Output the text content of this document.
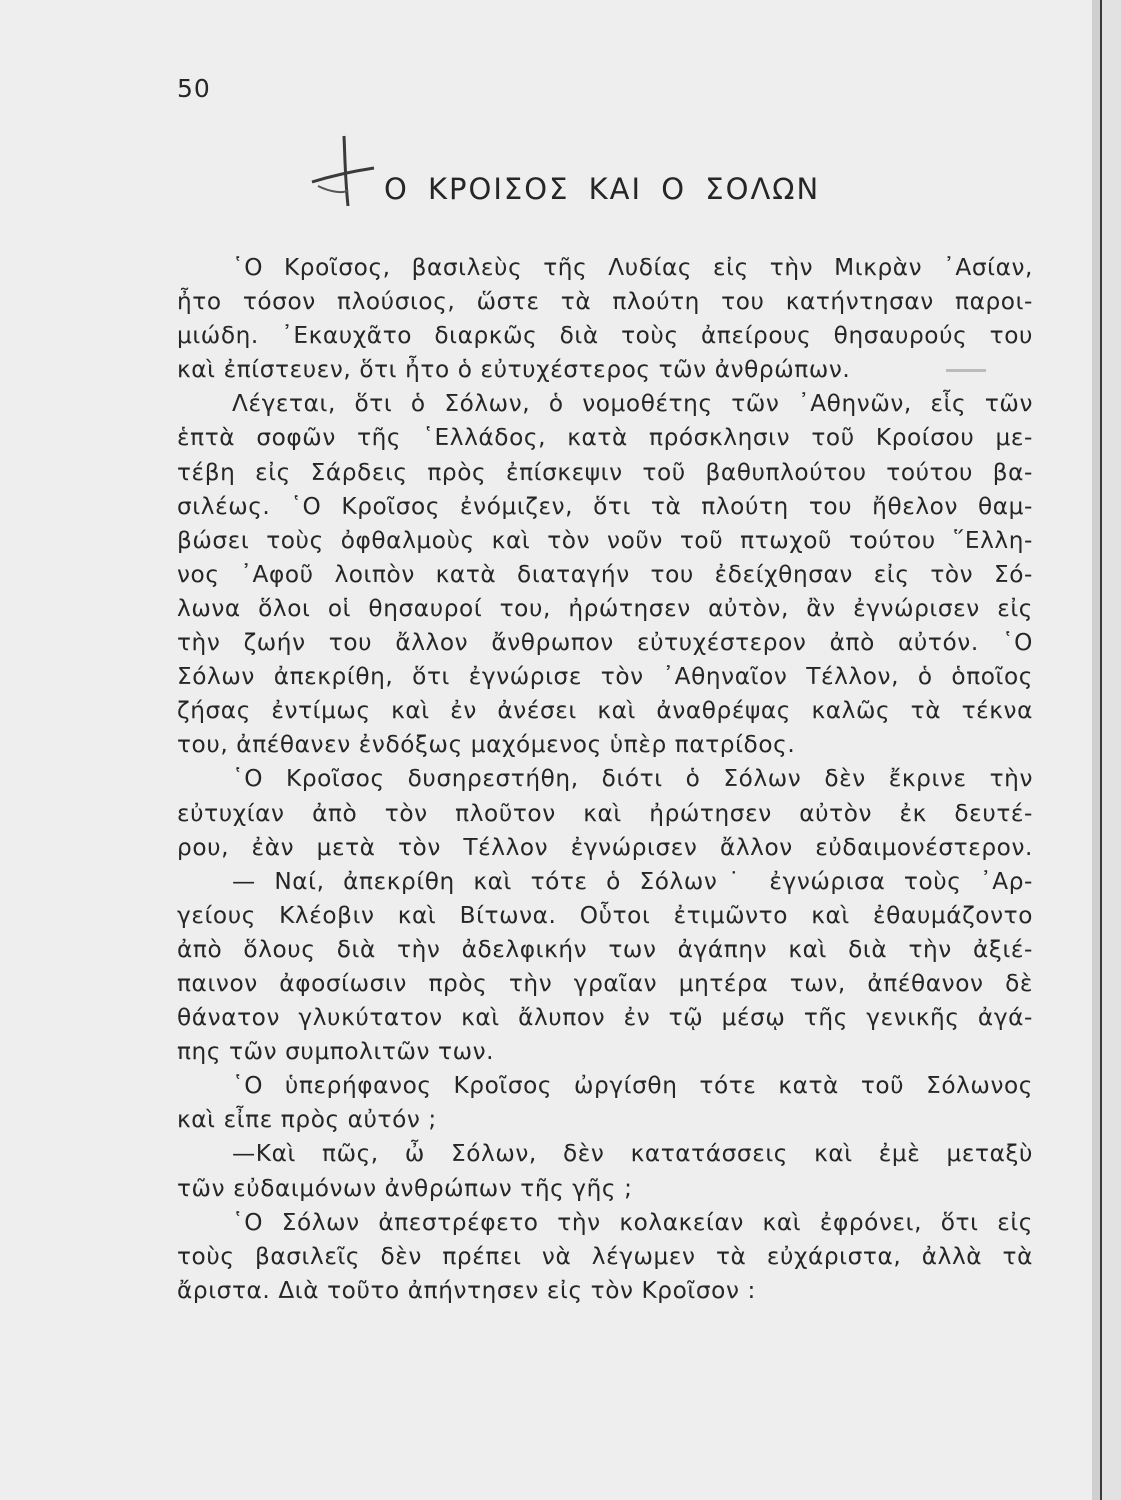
50
Ο ΚΡΟΙΣΟΣ ΚΑΙ Ο ΣΟΛΩΝ
῾Ο Κροῖσος, βασιλεὺς τῆς Λυδίας εἰς τὴν Μικρὰν ᾿Ασίαν,
ἦτο τόσον πλούσιος, ὥστε τὰ πλούτη του κατήντησαν παροι-
μιώδη. ᾿Εκαυχᾶτο διαρκῶς διὰ τοὺς ἀπείρους θησαυρούς του
καὶ ἐπίστευεν, ὅτι ἦτο ὁ εὐτυχέστερος τῶν ἀνθρώπων.
Λέγεται, ὅτι ὁ Σόλων, ὁ νομοθέτης τῶν ᾿Αθηνῶν, εἷς τῶν
ἑπτὰ σοφῶν τῆς ῾Ελλάδος, κατὰ πρόσκλησιν τοῦ Κροίσου με-
τέβη εἰς Σάρδεις πρὸς ἐπίσκεψιν τοῦ βαθυπλούτου τούτου βα-
σιλέως. ῾Ο Κροῖσος ἐνόμιζεν, ὅτι τὰ πλούτη του ἤθελον θαμ-
βώσει τοὺς ὀφθαλμοὺς καὶ τὸν νοῦν τοῦ πτωχοῦ τούτου ῞Ελλη-
νος ᾿Αφοῦ λοιπὸν κατὰ διαταγήν του ἐδείχθησαν εἰς τὸν Σό-
λωνα ὅλοι οἱ θησαυροί του, ἠρώτησεν αὐτὸν, ἂν ἐγνώρισεν εἰς
τὴν ζωήν του ἄλλον ἄνθρωπον εὐτυχέστερον ἀπὸ αὐτόν. ῾Ο
Σόλων ἀπεκρίθη, ὅτι ἐγνώρισε τὸν ᾿Αθηναῖον Τέλλον, ὁ ὁποῖος
ζήσας ἐντίμως καὶ ἐν ἀνέσει καὶ ἀναθρέψας καλῶς τὰ τέκνα
του, ἀπέθανεν ἐνδόξως μαχόμενος ὑπὲρ πατρίδος.
῾Ο Κροῖσος δυσηρεστήθη, διότι ὁ Σόλων δὲν ἔκρινε τὴν
εὐτυχίαν ἀπὸ τὸν πλοῦτον καὶ ἠρώτησεν αὐτὸν ἐκ δευτέ-
ρου, ἐὰν μετὰ τὸν Τέλλον ἐγνώρισεν ἄλλον εὐδαιμονέστερον.
— Ναί, ἀπεκρίθη καὶ τότε ὁ Σόλων˙ ἐγνώρισα τοὺς ᾿Αρ-
γείους Κλέοβιν καὶ Βίτωνα. Οὗτοι ἐτιμῶντο καὶ ἐθαυμάζοντο
ἀπὸ ὅλους διὰ τὴν ἀδελφικήν των ἀγάπην καὶ διὰ τὴν ἀξιέ-
παινον ἀφοσίωσιν πρὸς τὴν γραῖαν μητέρα των, ἀπέθανον δὲ
θάνατον γλυκύτατον καὶ ἄλυπον ἐν τῷ μέσῳ τῆς γενικῆς ἀγά-
πης τῶν συμπολιτῶν των.
῾Ο ὑπερήφανος Κροῖσος ὠργίσθη τότε κατὰ τοῦ Σόλωνος
καὶ εἶπε πρὸς αὐτόν ;
—Καὶ πῶς, ὦ Σόλων, δὲν κατατάσσεις καὶ ἐμὲ μεταξὺ
τῶν εὐδαιμόνων ἀνθρώπων τῆς γῆς ;
῾Ο Σόλων ἀπεστρέφετο τὴν κολακείαν καὶ ἐφρόνει, ὅτι εἰς
τοὺς βασιλεῖς δὲν πρέπει νὰ λέγωμεν τὰ εὐχάριστα, ἀλλὰ τὰ
ἄριστα. Διὰ τοῦτο ἀπήντησεν εἰς τὸν Κροῖσον :
